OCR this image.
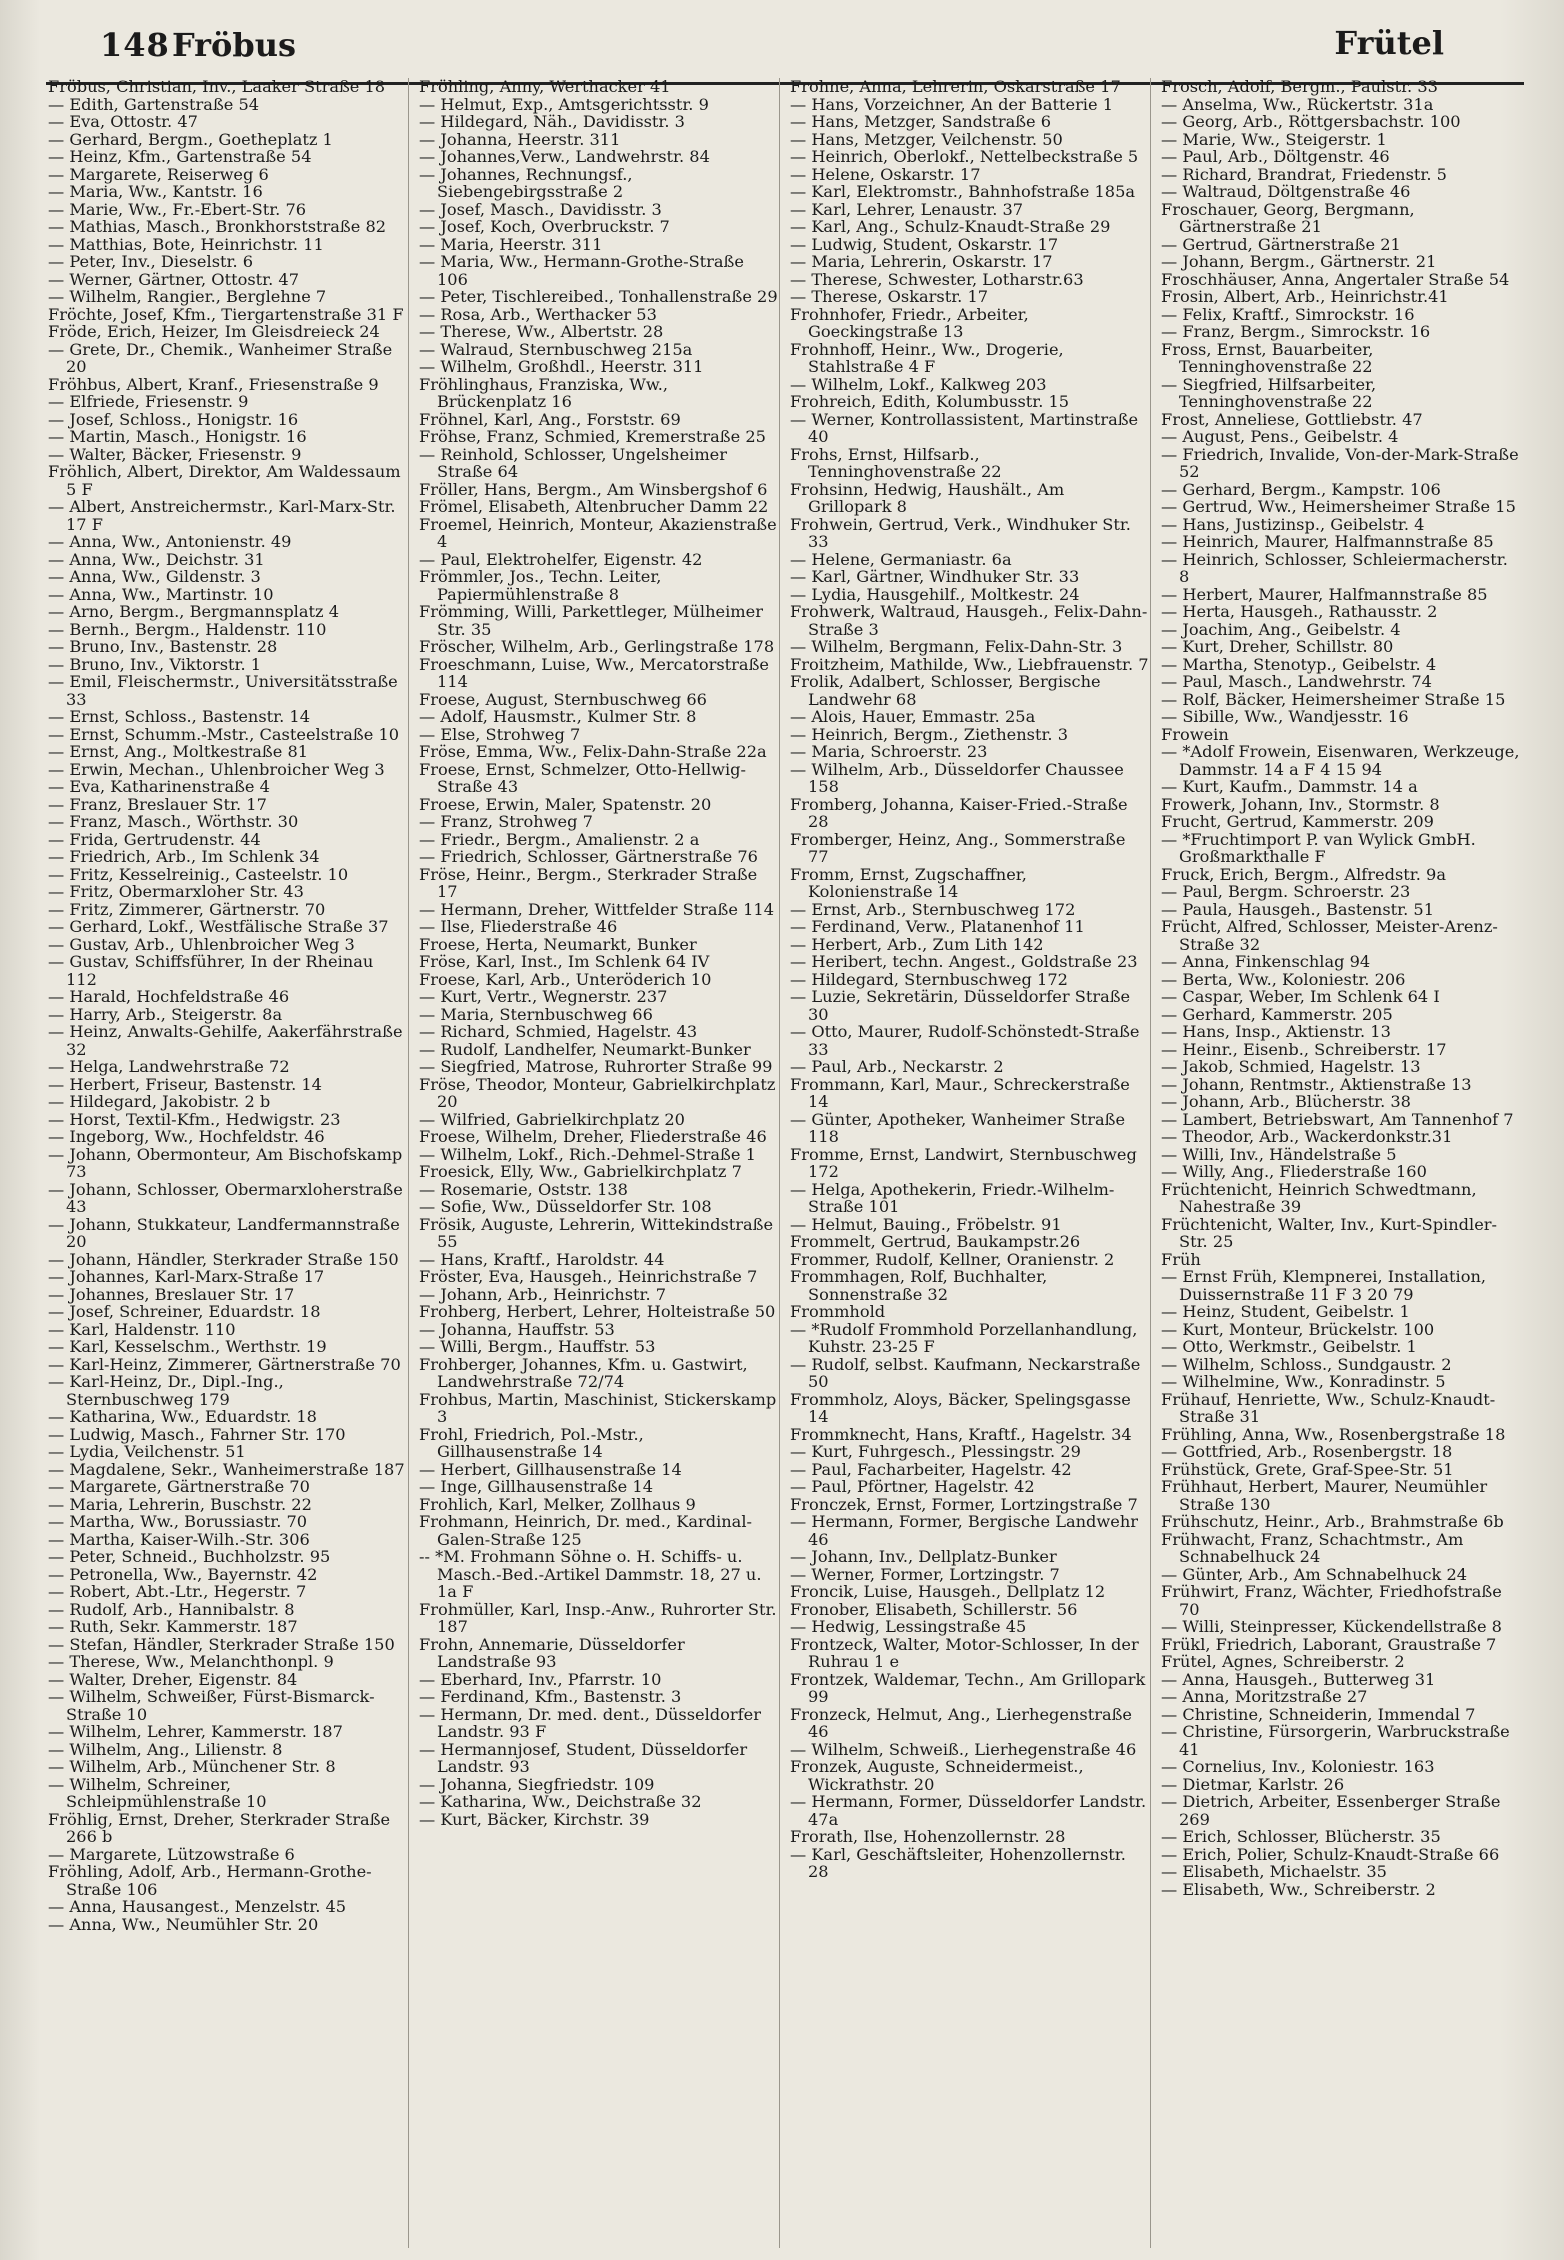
148 Fröbus	Frütel

Fröbus, Christian, Inv., Laaker Straße 18

— Edith, Gartenstraße 54

— Eva, Ottostr. 47

— Gerhard, Bergm., Goetheplatz 1

— Heinz, Kfm., Gartenstraße 54

— Margarete, Reiserweg 6

— Maria, Ww., Kantstr. 16

— Marie, Ww., Fr.-Ebert-Str. 76

— Mathias, Masch., Bronkhorststraße 82

— Matthias, Bote, Heinrichstr. 11

— Peter, Inv., Dieselstr. 6

— Werner, Gärtner, Ottostr. 47

— Wilhelm, Rangier., Berglehne 7

Fröchte, Josef, Kfm., Tiergartenstraße 31 F

Fröde, Erich, Heizer, Im Gleisdreieck 24

— Grete, Dr., Chemik., Wanheimer Straße 20

Fröhbus, Albert, Kranf., Friesenstraße 9

— Elfriede, Friesenstr. 9

— Josef, Schloss., Honigstr. 16

— Martin, Masch., Honigstr. 16

— Walter, Bäcker, Friesenstr. 9

Fröhlich, Albert, Direktor, Am Waldessaum 5 F

— Albert, Anstreichermstr., Karl-Marx-Str. 17 F

— Anna, Ww., Antonienstr. 49

— Anna, Ww., Deichstr. 31

— Anna, Ww., Gildenstr. 3

— Anna, Ww., Martinstr. 10

— Arno, Bergm., Bergmannsplatz 4

— Bernh., Bergm., Haldenstr. 110

— Bruno, Inv., Bastenstr. 28

— Bruno, Inv., Viktorstr. 1

— Emil, Fleischermstr., Universitätsstraße 33

— Ernst, Schloss., Bastenstr. 14

— Ernst, Schumm.-Mstr., Casteelstraße 10

— Ernst, Ang., Moltkestraße 81

— Erwin, Mechan., Uhlenbroicher Weg 3

— Eva, Katharinenstraße 4

— Franz, Breslauer Str. 17

— Franz, Masch., Wörthstr. 30

— Frida, Gertrudenstr. 44

— Friedrich, Arb., Im Schlenk 34

— Fritz, Kesselreinig., Casteelstr. 10

— Fritz, Obermarxloher Str. 43

— Fritz, Zimmerer, Gärtnerstr. 70

— Gerhard, Lokf., Westfälische Straße 37

— Gustav, Arb., Uhlenbroicher Weg 3

— Gustav, Schiffsführer, In der Rheinau 112

— Harald, Hochfeldstraße 46

— Harry, Arb., Steigerstr. 8a

— Heinz, Anwalts-Gehilfe, Aakerfährstraße 32

— Helga, Landwehrstraße 72

— Herbert, Friseur, Bastenstr. 14

— Hildegard, Jakobistr. 2 b

— Horst, Textil-Kfm., Hedwigstr. 23

— Ingeborg, Ww., Hochfeldstr. 46

— Johann, Obermonteur, Am Bischofskamp 73

— Johann, Schlosser, Obermarxloherstraße 43

— Johann, Stukkateur, Landfermannstraße 20

— Johann, Händler, Sterkrader Straße 150

— Johannes, Karl-Marx-Straße 17

— Johannes, Breslauer Str. 17

— Josef, Schreiner, Eduardstr. 18

— Karl, Haldenstr. 110

— Karl, Kesselschm., Werthstr. 19

— Karl-Heinz, Zimmerer, Gärtnerstraße 70

— Karl-Heinz, Dr., Dipl.-Ing., Sternbuschweg 179

— Katharina, Ww., Eduardstr. 18

— Ludwig, Masch., Fahrner Str. 170

— Lydia, Veilchenstr. 51

— Magdalene, Sekr., Wanheimerstraße 187

— Margarete, Gärtnerstraße 70

— Maria, Lehrerin, Buschstr. 22

— Martha, Ww., Borussiastr. 70

— Martha, Kaiser-Wilh.-Str. 306

— Peter, Schneid., Buchholzstr. 95

— Petronella, Ww., Bayernstr. 42

— Robert, Abt.-Ltr., Hegerstr. 7

— Rudolf, Arb., Hannibalstr. 8

— Ruth, Sekr. Kammerstr. 187

— Stefan, Händler, Sterkrader Straße 150

— Therese, Ww., Melanchthonpl. 9

— Walter, Dreher, Eigenstr. 84

— Wilhelm, Schweißer, Fürst-Bismarck-Straße 10

— Wilhelm, Lehrer, Kammerstr. 187

— Wilhelm, Ang., Lilienstr. 8

— Wilhelm, Arb., Münchener Str. 8

— Wilhelm, Schreiner, Schleipmühlenstraße 10

Fröhlig, Ernst, Dreher, Sterkrader Straße 266 b

— Margarete, Lützowstraße 6

Fröhling, Adolf, Arb., Hermann-Grothe-Straße 106

— Anna, Hausangest., Menzelstr. 45

— Anna, Ww., Neumühler Str. 20

Fröhling, Anny, Werthacker 41

— Helmut, Exp., Amtsgerichtsstr. 9

— Hildegard, Näh., Davidisstr. 3

— Johanna, Heerstr. 311

— Johannes,Verw., Landwehrstr. 84

— Johannes, Rechnungsf., Siebengebirgsstraße 2

— Josef, Masch., Davidisstr. 3

— Josef, Koch, Overbruckstr. 7

— Maria, Heerstr. 311

— Maria, Ww., Hermann-Grothe-Straße 106

— Peter, Tischlereibed., Tonhallenstraße 29

— Rosa, Arb., Werthacker 53

— Therese, Ww., Albertstr. 28

— Walraud, Sternbuschweg 215a

— Wilhelm, Großhdl., Heerstr. 311

Fröhlinghaus, Franziska, Ww., Brückenplatz 16

Fröhnel, Karl, Ang., Forststr. 69

Fröhse, Franz, Schmied, Kremerstraße 25

— Reinhold, Schlosser, Ungelsheimer Straße 64

Fröller, Hans, Bergm., Am Winsbergshof 6

Frömel, Elisabeth, Altenbrucher Damm 22

Froemel, Heinrich, Monteur, Akazienstraße 4

— Paul, Elektrohelfer, Eigenstr. 42

Frömmler, Jos., Techn. Leiter, Papiermühlenstraße 8

Frömming, Willi, Parkettleger, Mülheimer Str. 35

Fröscher, Wilhelm, Arb., Gerlingstraße 178

Froeschmann, Luise, Ww., Mercatorstraße 114

Froese, August, Sternbuschweg 66

— Adolf, Hausmstr., Kulmer Str. 8

— Else, Strohweg 7

Fröse, Emma, Ww., Felix-Dahn-Straße 22a

Froese, Ernst, Schmelzer, Otto-Hellwig-Straße 43

Froese, Erwin, Maler, Spatenstr. 20

— Franz, Strohweg 7

— Friedr., Bergm., Amalienstr. 2 a

— Friedrich, Schlosser, Gärtnerstraße 76

Fröse, Heinr., Bergm., Sterkrader Straße 17

— Hermann, Dreher, Wittfelder Straße 114

— Ilse, Fliederstraße 46

Froese, Herta, Neumarkt, Bunker

Fröse, Karl, Inst., Im Schlenk 64 IV

Froese, Karl, Arb., Unteröderich 10

— Kurt, Vertr., Wegnerstr. 237

— Maria, Sternbuschweg 66

— Richard, Schmied, Hagelstr. 43

— Rudolf, Landhelfer, Neumarkt-Bunker

— Siegfried, Matrose, Ruhrorter Straße 99

Fröse, Theodor, Monteur, Gabrielkirchplatz 20

— Wilfried, Gabrielkirchplatz 20

Froese, Wilhelm, Dreher, Fliederstraße 46

— Wilhelm, Lokf., Rich.-Dehmel-Straße 1

Froesick, Elly, Ww., Gabrielkirchplatz 7

— Rosemarie, Oststr. 138

— Sofie, Ww., Düsseldorfer Str. 108

Frösik, Auguste, Lehrerin, Wittekindstraße 55

— Hans, Kraftf., Haroldstr. 44

Fröster, Eva, Hausgeh., Heinrichstraße 7

— Johann, Arb., Heinrichstr. 7

Frohberg, Herbert, Lehrer, Holteistraße 50

— Johanna, Hauffstr. 53

— Willi, Bergm., Hauffstr. 53

Frohberger, Johannes, Kfm. u. Gastwirt, Landwehrstraße 72/74

Frohbus, Martin, Maschinist, Stickerskamp 3

Frohl, Friedrich, Pol.-Mstr., Gillhausenstraße 14

— Herbert, Gillhausenstraße 14

— Inge, Gillhausenstraße 14

Frohlich, Karl, Melker, Zollhaus 9

Frohmann, Heinrich, Dr. med., Kardinal-Galen-Straße 125

-- *M. Frohmann Söhne o. H. Schiffs- u. Masch.-Bed.-Artikel Dammstr. 18, 27 u. 1a F

Frohmüller, Karl, Insp.-Anw., Ruhrorter Str. 187

Frohn, Annemarie, Düsseldorfer Landstraße 93

— Eberhard, Inv., Pfarrstr. 10

— Ferdinand, Kfm., Bastenstr. 3

— Hermann, Dr. med. dent., Düsseldorfer Landstr. 93 F

— Hermannjosef, Student, Düsseldorfer Landstr. 93

— Johanna, Siegfriedstr. 109

— Katharina, Ww., Deichstraße 32

— Kurt, Bäcker, Kirchstr. 39

Frohne, Anna, Lehrerin, Oskarstraße 17

— Hans, Vorzeichner, An der Batterie 1

— Hans, Metzger, Sandstraße 6

— Hans, Metzger, Veilchenstr. 50

— Heinrich, Oberlokf., Nettelbeckstraße 5

— Helene, Oskarstr. 17

— Karl, Elektromstr., Bahnhofstraße 185a

— Karl, Lehrer, Lenaustr. 37

— Karl, Ang., Schulz-Knaudt-Straße 29

— Ludwig, Student, Oskarstr. 17

— Maria, Lehrerin, Oskarstr. 17

— Therese, Schwester, Lotharstr.63

— Therese, Oskarstr. 17

Frohnhofer, Friedr., Arbeiter, Goeckingstraße 13

Frohnhoff, Heinr., Ww., Drogerie, Stahlstraße 4 F

— Wilhelm, Lokf., Kalkweg 203

Frohreich, Edith, Kolumbusstr. 15

— Werner, Kontrollassistent, Martinstraße 40

Frohs, Ernst, Hilfsarb., Tenninghovenstraße 22

Frohsinn, Hedwig, Haushält., Am Grillopark 8

Frohwein, Gertrud, Verk., Windhuker Str. 33

— Helene, Germaniastr. 6a

— Karl, Gärtner, Windhuker Str. 33

— Lydia, Hausgehilf., Moltkestr. 24

Frohwerk, Waltraud, Hausgeh., Felix-Dahn-Straße 3

— Wilhelm, Bergmann, Felix-Dahn-Str. 3

Froitzheim, Mathilde, Ww., Liebfrauenstr. 7

Frolik, Adalbert, Schlosser, Bergische Landwehr 68

— Alois, Hauer, Emmastr. 25a

— Heinrich, Bergm., Ziethenstr. 3

— Maria, Schroerstr. 23

— Wilhelm, Arb., Düsseldorfer Chaussee 158

Fromberg, Johanna, Kaiser-Fried.-Straße 28

Fromberger, Heinz, Ang., Sommerstraße 77

Fromm, Ernst, Zugschaffner, Kolonienstraße 14

— Ernst, Arb., Sternbuschweg 172

— Ferdinand, Verw., Platanenhof 11

— Herbert, Arb., Zum Lith 142

— Heribert, techn. Angest., Goldstraße 23

— Hildegard, Sternbuschweg 172

— Luzie, Sekretärin, Düsseldorfer Straße 30

— Otto, Maurer, Rudolf-Schönstedt-Straße 33

— Paul, Arb., Neckarstr. 2

Frommann, Karl, Maur., Schreckerstraße 14

— Günter, Apotheker, Wanheimer Straße 118

Fromme, Ernst, Landwirt, Sternbuschweg 172

— Helga, Apothekerin, Friedr.-Wilhelm-Straße 101

— Helmut, Bauing., Fröbelstr. 91

Frommelt, Gertrud, Baukampstr.26

Frommer, Rudolf, Kellner, Oranienstr. 2

Frommhagen, Rolf, Buchhalter, Sonnenstraße 32

Frommhold

— *Rudolf Frommhold Porzellanhandlung, Kuhstr. 23-25 F

— Rudolf, selbst. Kaufmann, Neckarstraße 50

Frommholz, Aloys, Bäcker, Spelingsgasse 14

Frommknecht, Hans, Kraftf., Hagelstr. 34

— Kurt, Fuhrgesch., Plessingstr. 29

— Paul, Facharbeiter, Hagelstr. 42

— Paul, Pförtner, Hagelstr. 42

Fronczek, Ernst, Former, Lortzingstraße 7

— Hermann, Former, Bergische Landwehr 46

— Johann, Inv., Dellplatz-Bunker

— Werner, Former, Lortzingstr. 7

Froncik, Luise, Hausgeh., Dellplatz 12

Fronober, Elisabeth, Schillerstr. 56

— Hedwig, Lessingstraße 45

Frontzeck, Walter, Motor-Schlosser, In der Ruhrau 1 e

Frontzek, Waldemar, Techn., Am Grillopark 99

Fronzeck, Helmut, Ang., Lierhegenstraße 46

— Wilhelm, Schweiß., Lierhegenstraße 46

Fronzek, Auguste, Schneidermeist., Wickrathstr. 20

— Hermann, Former, Düsseldorfer Landstr. 47a

Frorath, Ilse, Hohenzollernstr. 28

— Karl, Geschäftsleiter, Hohenzollernstr. 28

Frosch, Adolf, Bergm., Paulstr. 33

— Anselma, Ww., Rückertstr. 31a

— Georg, Arb., Röttgersbachstr. 100

— Marie, Ww., Steigerstr. 1

— Paul, Arb., Döltgenstr. 46

— Richard, Brandrat, Friedenstr. 5

— Waltraud, Döltgenstraße 46

Froschauer, Georg, Bergmann, Gärtnerstraße 21

— Gertrud, Gärtnerstraße 21

— Johann, Bergm., Gärtnerstr. 21

Froschhäuser, Anna, Angertaler Straße 54

Frosin, Albert, Arb., Heinrichstr.41

— Felix, Kraftf., Simrockstr. 16

— Franz, Bergm., Simrockstr. 16

Fross, Ernst, Bauarbeiter, Tenninghovenstraße 22

— Siegfried, Hilfsarbeiter, Tenninghovenstraße 22

Frost, Anneliese, Gottliebstr. 47

— August, Pens., Geibelstr. 4

— Friedrich, Invalide, Von-der-Mark-Straße 52

— Gerhard, Bergm., Kampstr. 106

— Gertrud, Ww., Heimersheimer Straße 15

— Hans, Justizinsp., Geibelstr. 4

— Heinrich, Maurer, Halfmannstraße 85

— Heinrich, Schlosser, Schleiermacherstr. 8

— Herbert, Maurer, Halfmannstraße 85

— Herta, Hausgeh., Rathausstr. 2

— Joachim, Ang., Geibelstr. 4

— Kurt, Dreher, Schillstr. 80

— Martha, Stenotyp., Geibelstr. 4

— Paul, Masch., Landwehrstr. 74

— Rolf, Bäcker, Heimersheimer Straße 15

— Sibille, Ww., Wandjesstr. 16

Frowein

— *Adolf Frowein, Eisenwaren, Werkzeuge, Dammstr. 14 a F 4 15 94

— Kurt, Kaufm., Dammstr. 14 a

Frowerk, Johann, Inv., Stormstr. 8

Frucht, Gertrud, Kammerstr. 209

— *Fruchtimport P. van Wylick GmbH. Großmarkthalle F

Fruck, Erich, Bergm., Alfredstr. 9a

— Paul, Bergm. Schroerstr. 23

— Paula, Hausgeh., Bastenstr. 51

Frücht, Alfred, Schlosser, Meister-Arenz-Straße 32

— Anna, Finkenschlag 94

— Berta, Ww., Koloniestr. 206

— Caspar, Weber, Im Schlenk 64 I

— Gerhard, Kammerstr. 205

— Hans, Insp., Aktienstr. 13

— Heinr., Eisenb., Schreiberstr. 17

— Jakob, Schmied, Hagelstr. 13

— Johann, Rentmstr., Aktienstraße 13

— Johann, Arb., Blücherstr. 38

— Lambert, Betriebswart, Am Tannenhof 7

— Theodor, Arb., Wackerdonkstr.31

— Willi, Inv., Händelstraße 5

— Willy, Ang., Fliederstraße 160

Früchtenicht, Heinrich Schwedtmann, Nahestraße 39

Früchtenicht, Walter, Inv., Kurt-Spindler-Str. 25

Früh

— Ernst Früh, Klempnerei, Installation, Duissernstraße 11 F 3 20 79

— Heinz, Student, Geibelstr. 1

— Kurt, Monteur, Brückelstr. 100

— Otto, Werkmstr., Geibelstr. 1

— Wilhelm, Schloss., Sundgaustr. 2

— Wilhelmine, Ww., Konradinstr. 5

Frühauf, Henriette, Ww., Schulz-Knaudt-Straße 31

Frühling, Anna, Ww., Rosenbergstraße 18

— Gottfried, Arb., Rosenbergstr. 18

Frühstück, Grete, Graf-Spee-Str. 51

Frühhaut, Herbert, Maurer, Neumühler Straße 130

Frühschutz, Heinr., Arb., Brahmstraße 6b

Frühwacht, Franz, Schachtmstr., Am Schnabelhuck 24

— Günter, Arb., Am Schnabelhuck 24

Frühwirt, Franz, Wächter, Friedhofstraße 70

— Willi, Steinpresser, Kückendellstraße 8

Frükl, Friedrich, Laborant, Graustraße 7

Frütel, Agnes, Schreiberstr. 2

— Anna, Hausgeh., Butterweg 31

— Anna, Moritzstraße 27

— Christine, Schneiderin, Immendal 7

— Christine, Fürsorgerin, Warbruckstraße 41

— Cornelius, Inv., Koloniestr. 163

— Dietmar, Karlstr. 26

— Dietrich, Arbeiter, Essenberger Straße 269

— Erich, Schlosser, Blücherstr. 35

— Erich, Polier, Schulz-Knaudt-Straße 66

— Elisabeth, Michaelstr. 35

— Elisabeth, Ww., Schreiberstr. 2
